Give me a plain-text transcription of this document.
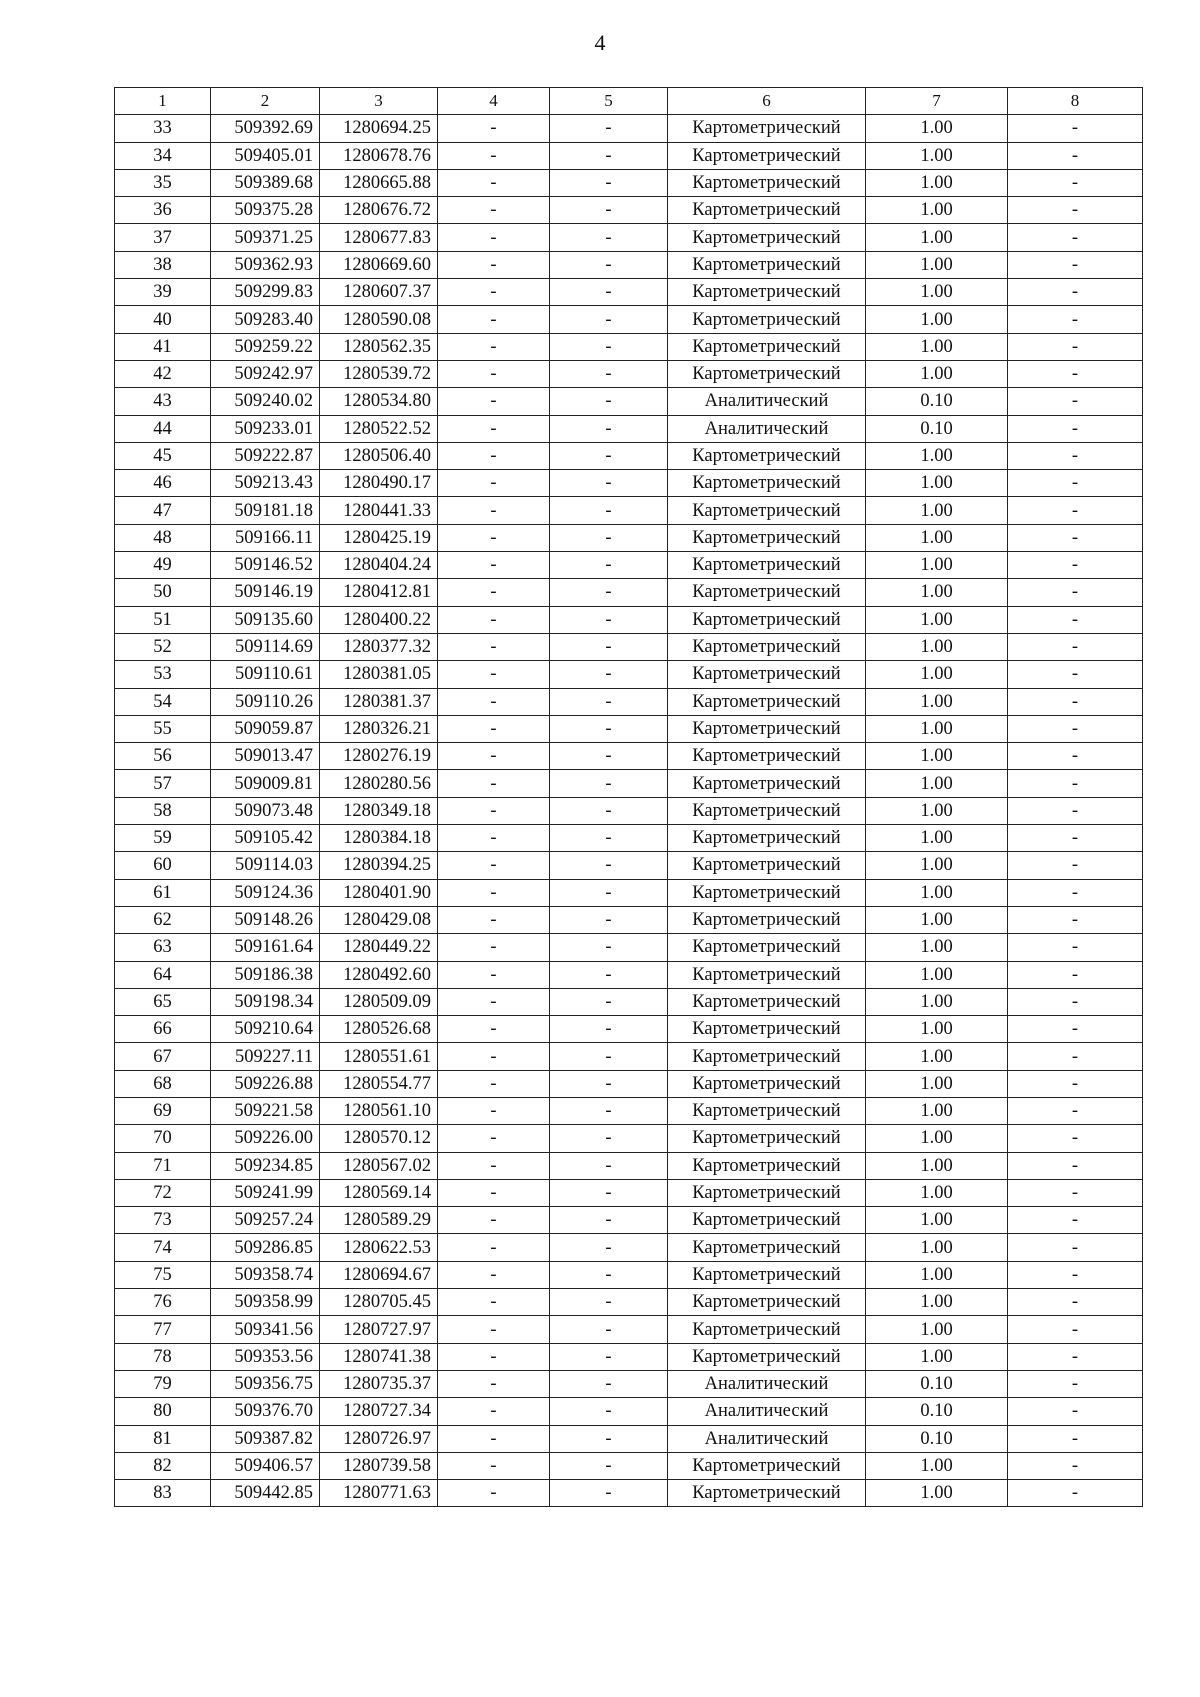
4
1	2	3	4	5	6	7	8
33	509392.69	1280694.25	-	-	Картометрический	1.00	-
34	509405.01	1280678.76	-	-	Картометрический	1.00	-
35	509389.68	1280665.88	-	-	Картометрический	1.00	-
36	509375.28	1280676.72	-	-	Картометрический	1.00	-
37	509371.25	1280677.83	-	-	Картометрический	1.00	-
38	509362.93	1280669.60	-	-	Картометрический	1.00	-
39	509299.83	1280607.37	-	-	Картометрический	1.00	-
40	509283.40	1280590.08	-	-	Картометрический	1.00	-
41	509259.22	1280562.35	-	-	Картометрический	1.00	-
42	509242.97	1280539.72	-	-	Картометрический	1.00	-
43	509240.02	1280534.80	-	-	Аналитический	0.10	-
44	509233.01	1280522.52	-	-	Аналитический	0.10	-
45	509222.87	1280506.40	-	-	Картометрический	1.00	-
46	509213.43	1280490.17	-	-	Картометрический	1.00	-
47	509181.18	1280441.33	-	-	Картометрический	1.00	-
48	509166.11	1280425.19	-	-	Картометрический	1.00	-
49	509146.52	1280404.24	-	-	Картометрический	1.00	-
50	509146.19	1280412.81	-	-	Картометрический	1.00	-
51	509135.60	1280400.22	-	-	Картометрический	1.00	-
52	509114.69	1280377.32	-	-	Картометрический	1.00	-
53	509110.61	1280381.05	-	-	Картометрический	1.00	-
54	509110.26	1280381.37	-	-	Картометрический	1.00	-
55	509059.87	1280326.21	-	-	Картометрический	1.00	-
56	509013.47	1280276.19	-	-	Картометрический	1.00	-
57	509009.81	1280280.56	-	-	Картометрический	1.00	-
58	509073.48	1280349.18	-	-	Картометрический	1.00	-
59	509105.42	1280384.18	-	-	Картометрический	1.00	-
60	509114.03	1280394.25	-	-	Картометрический	1.00	-
61	509124.36	1280401.90	-	-	Картометрический	1.00	-
62	509148.26	1280429.08	-	-	Картометрический	1.00	-
63	509161.64	1280449.22	-	-	Картометрический	1.00	-
64	509186.38	1280492.60	-	-	Картометрический	1.00	-
65	509198.34	1280509.09	-	-	Картометрический	1.00	-
66	509210.64	1280526.68	-	-	Картометрический	1.00	-
67	509227.11	1280551.61	-	-	Картометрический	1.00	-
68	509226.88	1280554.77	-	-	Картометрический	1.00	-
69	509221.58	1280561.10	-	-	Картометрический	1.00	-
70	509226.00	1280570.12	-	-	Картометрический	1.00	-
71	509234.85	1280567.02	-	-	Картометрический	1.00	-
72	509241.99	1280569.14	-	-	Картометрический	1.00	-
73	509257.24	1280589.29	-	-	Картометрический	1.00	-
74	509286.85	1280622.53	-	-	Картометрический	1.00	-
75	509358.74	1280694.67	-	-	Картометрический	1.00	-
76	509358.99	1280705.45	-	-	Картометрический	1.00	-
77	509341.56	1280727.97	-	-	Картометрический	1.00	-
78	509353.56	1280741.38	-	-	Картометрический	1.00	-
79	509356.75	1280735.37	-	-	Аналитический	0.10	-
80	509376.70	1280727.34	-	-	Аналитический	0.10	-
81	509387.82	1280726.97	-	-	Аналитический	0.10	-
82	509406.57	1280739.58	-	-	Картометрический	1.00	-
83	509442.85	1280771.63	-	-	Картометрический	1.00	-
